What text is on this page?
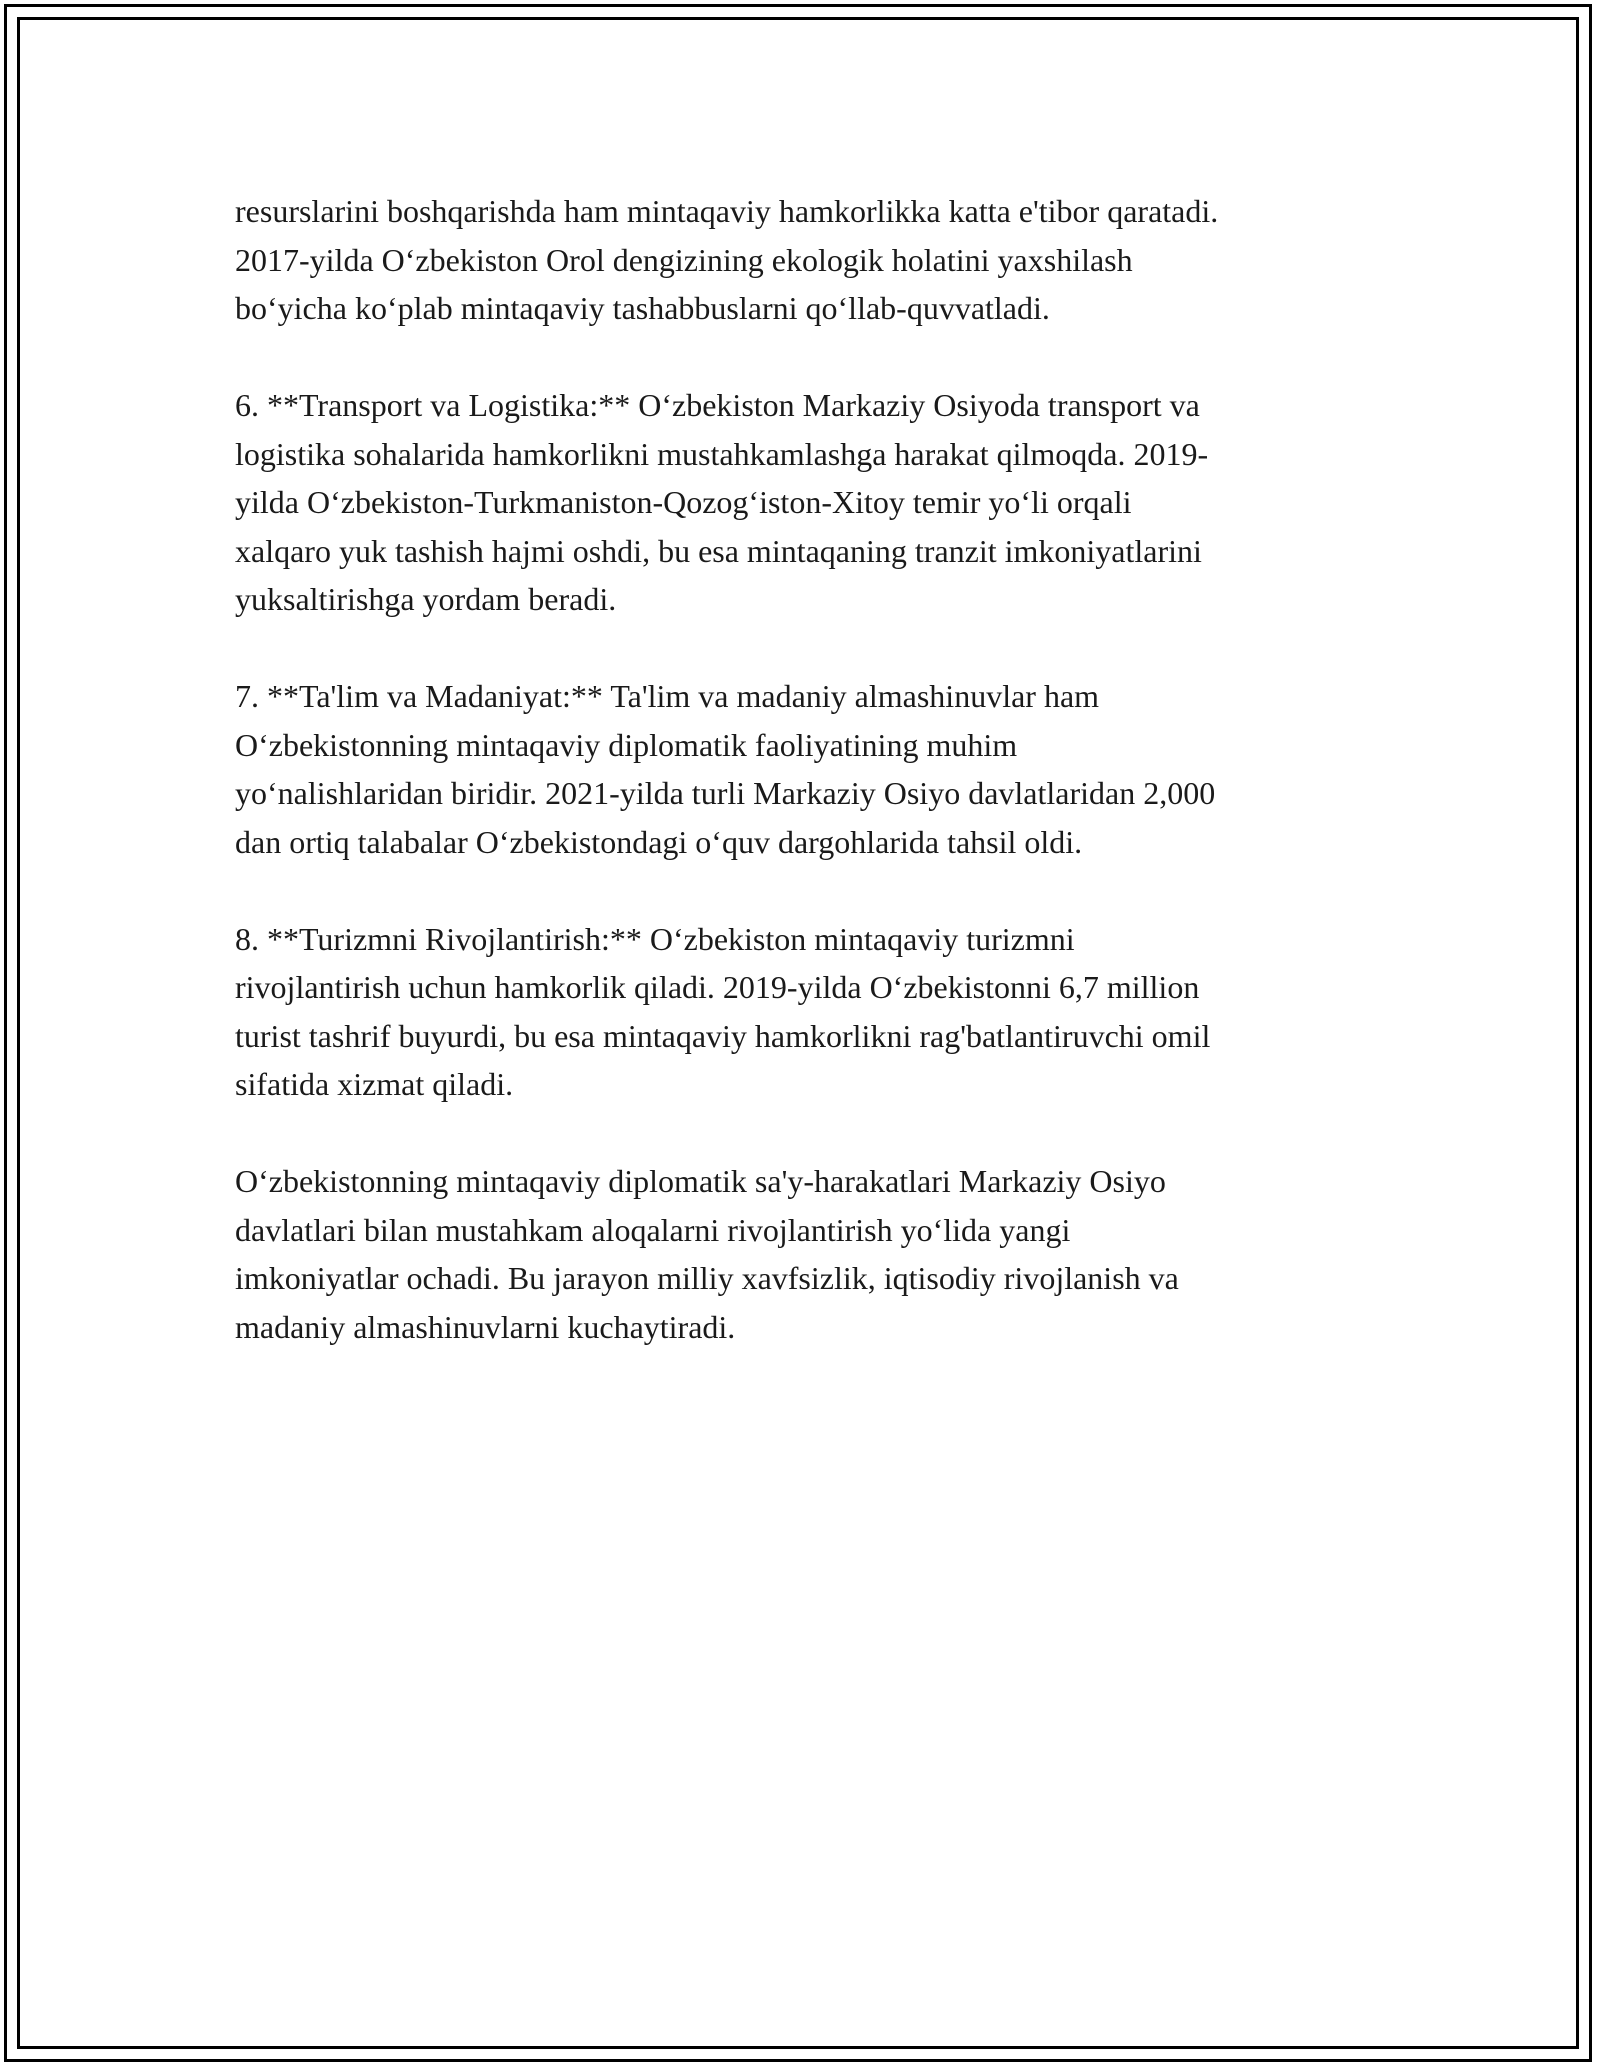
resurslarini boshqarishda ham mintaqaviy hamkorlikka katta e'tibor qaratadi.
2017-yilda O‘zbekiston Orol dengizining ekologik holatini yaxshilash
bo‘yicha ko‘plab mintaqaviy tashabbuslarni qo‘llab-quvvatladi.

6. **Transport va Logistika:** O‘zbekiston Markaziy Osiyoda transport va
logistika sohalarida hamkorlikni mustahkamlashga harakat qilmoqda. 2019-
yilda O‘zbekiston-Turkmaniston-Qozog‘iston-Xitoy temir yo‘li orqali
xalqaro yuk tashish hajmi oshdi, bu esa mintaqaning tranzit imkoniyatlarini
yuksaltirishga yordam beradi.

7. **Ta'lim va Madaniyat:** Ta'lim va madaniy almashinuvlar ham
O‘zbekistonning mintaqaviy diplomatik faoliyatining muhim
yo‘nalishlaridan biridir. 2021-yilda turli Markaziy Osiyo davlatlaridan 2,000
dan ortiq talabalar O‘zbekistondagi o‘quv dargohlarida tahsil oldi.

8. **Turizmni Rivojlantirish:** O‘zbekiston mintaqaviy turizmni
rivojlantirish uchun hamkorlik qiladi. 2019-yilda O‘zbekistonni 6,7 million
turist tashrif buyurdi, bu esa mintaqaviy hamkorlikni rag'batlantiruvchi omil
sifatida xizmat qiladi.

O‘zbekistonning mintaqaviy diplomatik sa'y-harakatlari Markaziy Osiyo
davlatlari bilan mustahkam aloqalarni rivojlantirish yo‘lida yangi
imkoniyatlar ochadi. Bu jarayon milliy xavfsizlik, iqtisodiy rivojlanish va
madaniy almashinuvlarni kuchaytiradi.
